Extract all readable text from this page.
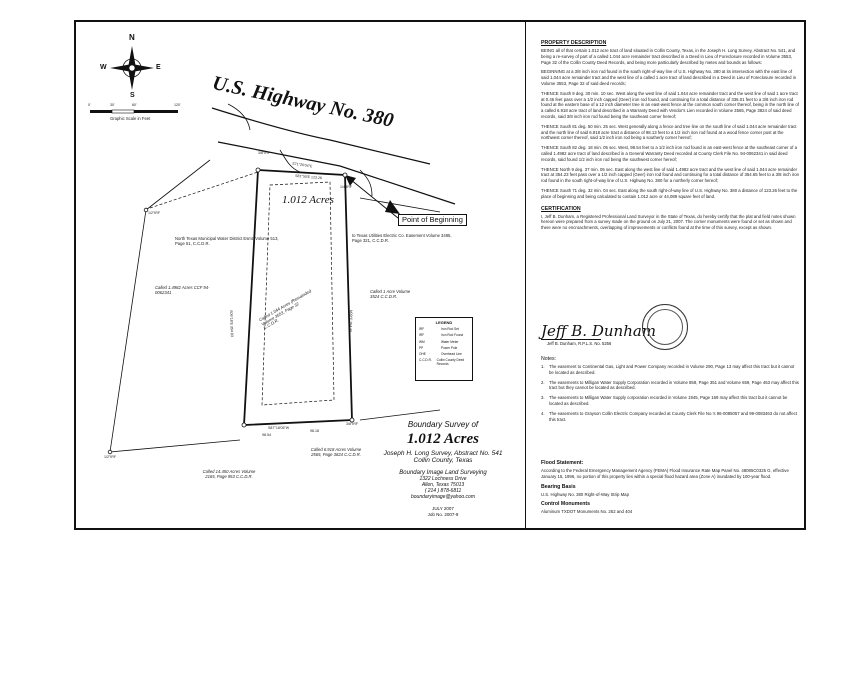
N
S
E
W
0'	30'	60'	120'
Graphic Scale in Feet	U.S. Highway No. 380
1.012 Acres
Point of Beginning
North Texas Municipal Water District Esmt. Volume 513, Page 51, C.C.D.R.
to Texas Utilities Electric Co. Easement Volume 3485, Page 321, C.C.D.R.
Called 1.4982 Acres CCF 94-0062341	Called 1.044 Acres (Remainder) Volume 3553, Page 32 C.C.D.R.
Called 1 Acre Volume 3524 C.C.D.R.
Called 14.450 Acres Volume 2165, Page 953 C.C.D.R.
Called 6.918 Acres Volume 2565, Page 3824 C.C.D.R.
3/8"IRF
S71°26'04"E
1/4"IRF
1/2"IRF
S87°18'05"W
98.54
98.18
3/8"IRF
S09°18'E 354.83	N09°E 354.65
S81°50'E 123.26
1/2"IRF
LEGEND
IRF	Iron Rod Set
IRF	Iron Rod Found
WM	Water Meter
PP	Power Pole
OHE	Overhead Line
C.C.D.R.	Collin County Deed Records
Boundary Survey of
1.012 Acres
Joseph H. Long Survey, Abstract No. 541
Collin County, Texas
Boundary Image Land Surveying
1322 Lochness Drive
Allen, Texas 75013
( 214 ) 878-6811
boundaryimage@yahoo.com
JULY 2007
Job No. 2007-9
PROPERTY DESCRIPTION

BEING all of that certain 1.012 acre tract of land situated in Collin County, Texas, in the Joseph H. Long Survey, Abstract No. 541, and being a re-survey of part of a called 1.044 acre remainder tract described in a Deed in Lieu of Foreclosure recorded in Volume 3553, Page 32 of the Collin County Deed Records, and being more particularly described by metes and bounds as follows:

BEGINNING at a 3/8 inch iron rod found in the south right-of-way line of U.S. Highway No. 380 at its intersection with the east line of said 1.044 acre remainder tract and the west line of a called 1 acre tract of land described in a Deed in Lieu of Foreclosure recorded in Volume 3553, Page 32 of said deed records;

THENCE South 9 deg. 30 min. 10 sec. West along the west line of said 1.044 acre remainder tract and the west line of said 1 acre tract at 0.46 feet pass over a 1/2 inch capped (Geer) iron rod found, and continuing for a total distance of 336.01 feet to a 3/8 inch iron rod found at the eastern base of a 12 inch diameter tree in an east-west fence at the common south corner thereof, being in the north line of a called 6.918 acre tract of land described in a Warranty Deed with Vendor's Lien recorded in Volume 3565, Page 3824 of said deed records, said 3/8 inch iron rod found being the southeast corner hereof;

THENCE South 81 deg. 50 min. 25 sec. West generally along a fence and tree line on the south line of said 1.044 acre remainder tract and the north line of said 6.918 acre tract a distance of 98.13 feet to a 1/2 inch iron rod found at a wood fence corner post at the northwest corner thereof, said 1/2 inch iron rod being a southerly corner hereof;

THENCE South 82 deg. 18 min. 05 sec. West, 98.54 feet to a 1/2 inch iron rod found in an east-west fence at the southeast corner of a called 1.4982 acre tract of land described in a General Warranty Deed recorded at County Clerk File No. 94-0062341 in said deed records, said found 1/2 inch iron rod being the southwest corner hereof;

THENCE North 9 deg. 37 min. 05 sec. East along the west line of said 1.4982 acre tract and the west line of said 1.044 acre remainder tract at 354.23 feet pass over a 1/2 inch capped (Geer) iron rod found and continuing for a total distance of 354.65 feet to a 3/8 inch iron rod found in the south right-of-way line of U.S. Highway No. 380 for a northerly corner hereof;

THENCE South 71 deg. 32 min. 04 sec. East along the south right-of-way line of U.S. Highway No. 380 a distance of 123.26 feet to the place of beginning and being calculated to contain 1.012 acre or 44,089 square feet of land.

CERTIFICATION

I, Jeff B. Dunham, a Registered Professional Land Surveyor in the State of Texas, do hereby certify that the plat and field notes shown hereon were prepared from a survey made on the ground on July 21, 2007. The corner monuments were found or set as shown and there were no encroachments, overlapping of improvements or conflicts found at the time of this survey, except as shown.

Jeff B. Dunham
Jeff B. Dunham, R.P.L.S. No. 5256
Notes:
1.	The easement to Continental Gas, Light and Power Company recorded in Volume 290, Page 13 may affect this tract but it cannot be located as described.
2.	The easements to Milligan Water Supply Corporation recorded in Volume 858, Page 351 and Volume 659, Page 463 may affect this tract but they cannot be located as described.
3.	The easements to Milligan Water Supply corporation recorded in Volume 1945, Page 169 may affect this tract but it cannot be located as described.
4.	The easements to Grayson Collin Electric Company recorded at County Clerk File No.'s 96-0085057 and 99-0083463 do not affect this tract.
Flood Statement:

According to the Federal Emergency Management Agency (FEMA) Flood Insurance Rate Map Panel No. 48085C0325 G, effective January 15, 1996, no portion of this property lies within a special flood hazard area (Zone A) inundated by 100-year flood.

Bearing Basis

U.S. Highway No. 380 Right-of-Way Strip Map

Control Monuments

Aluminum TXDOT Monuments No. 262 and 404
